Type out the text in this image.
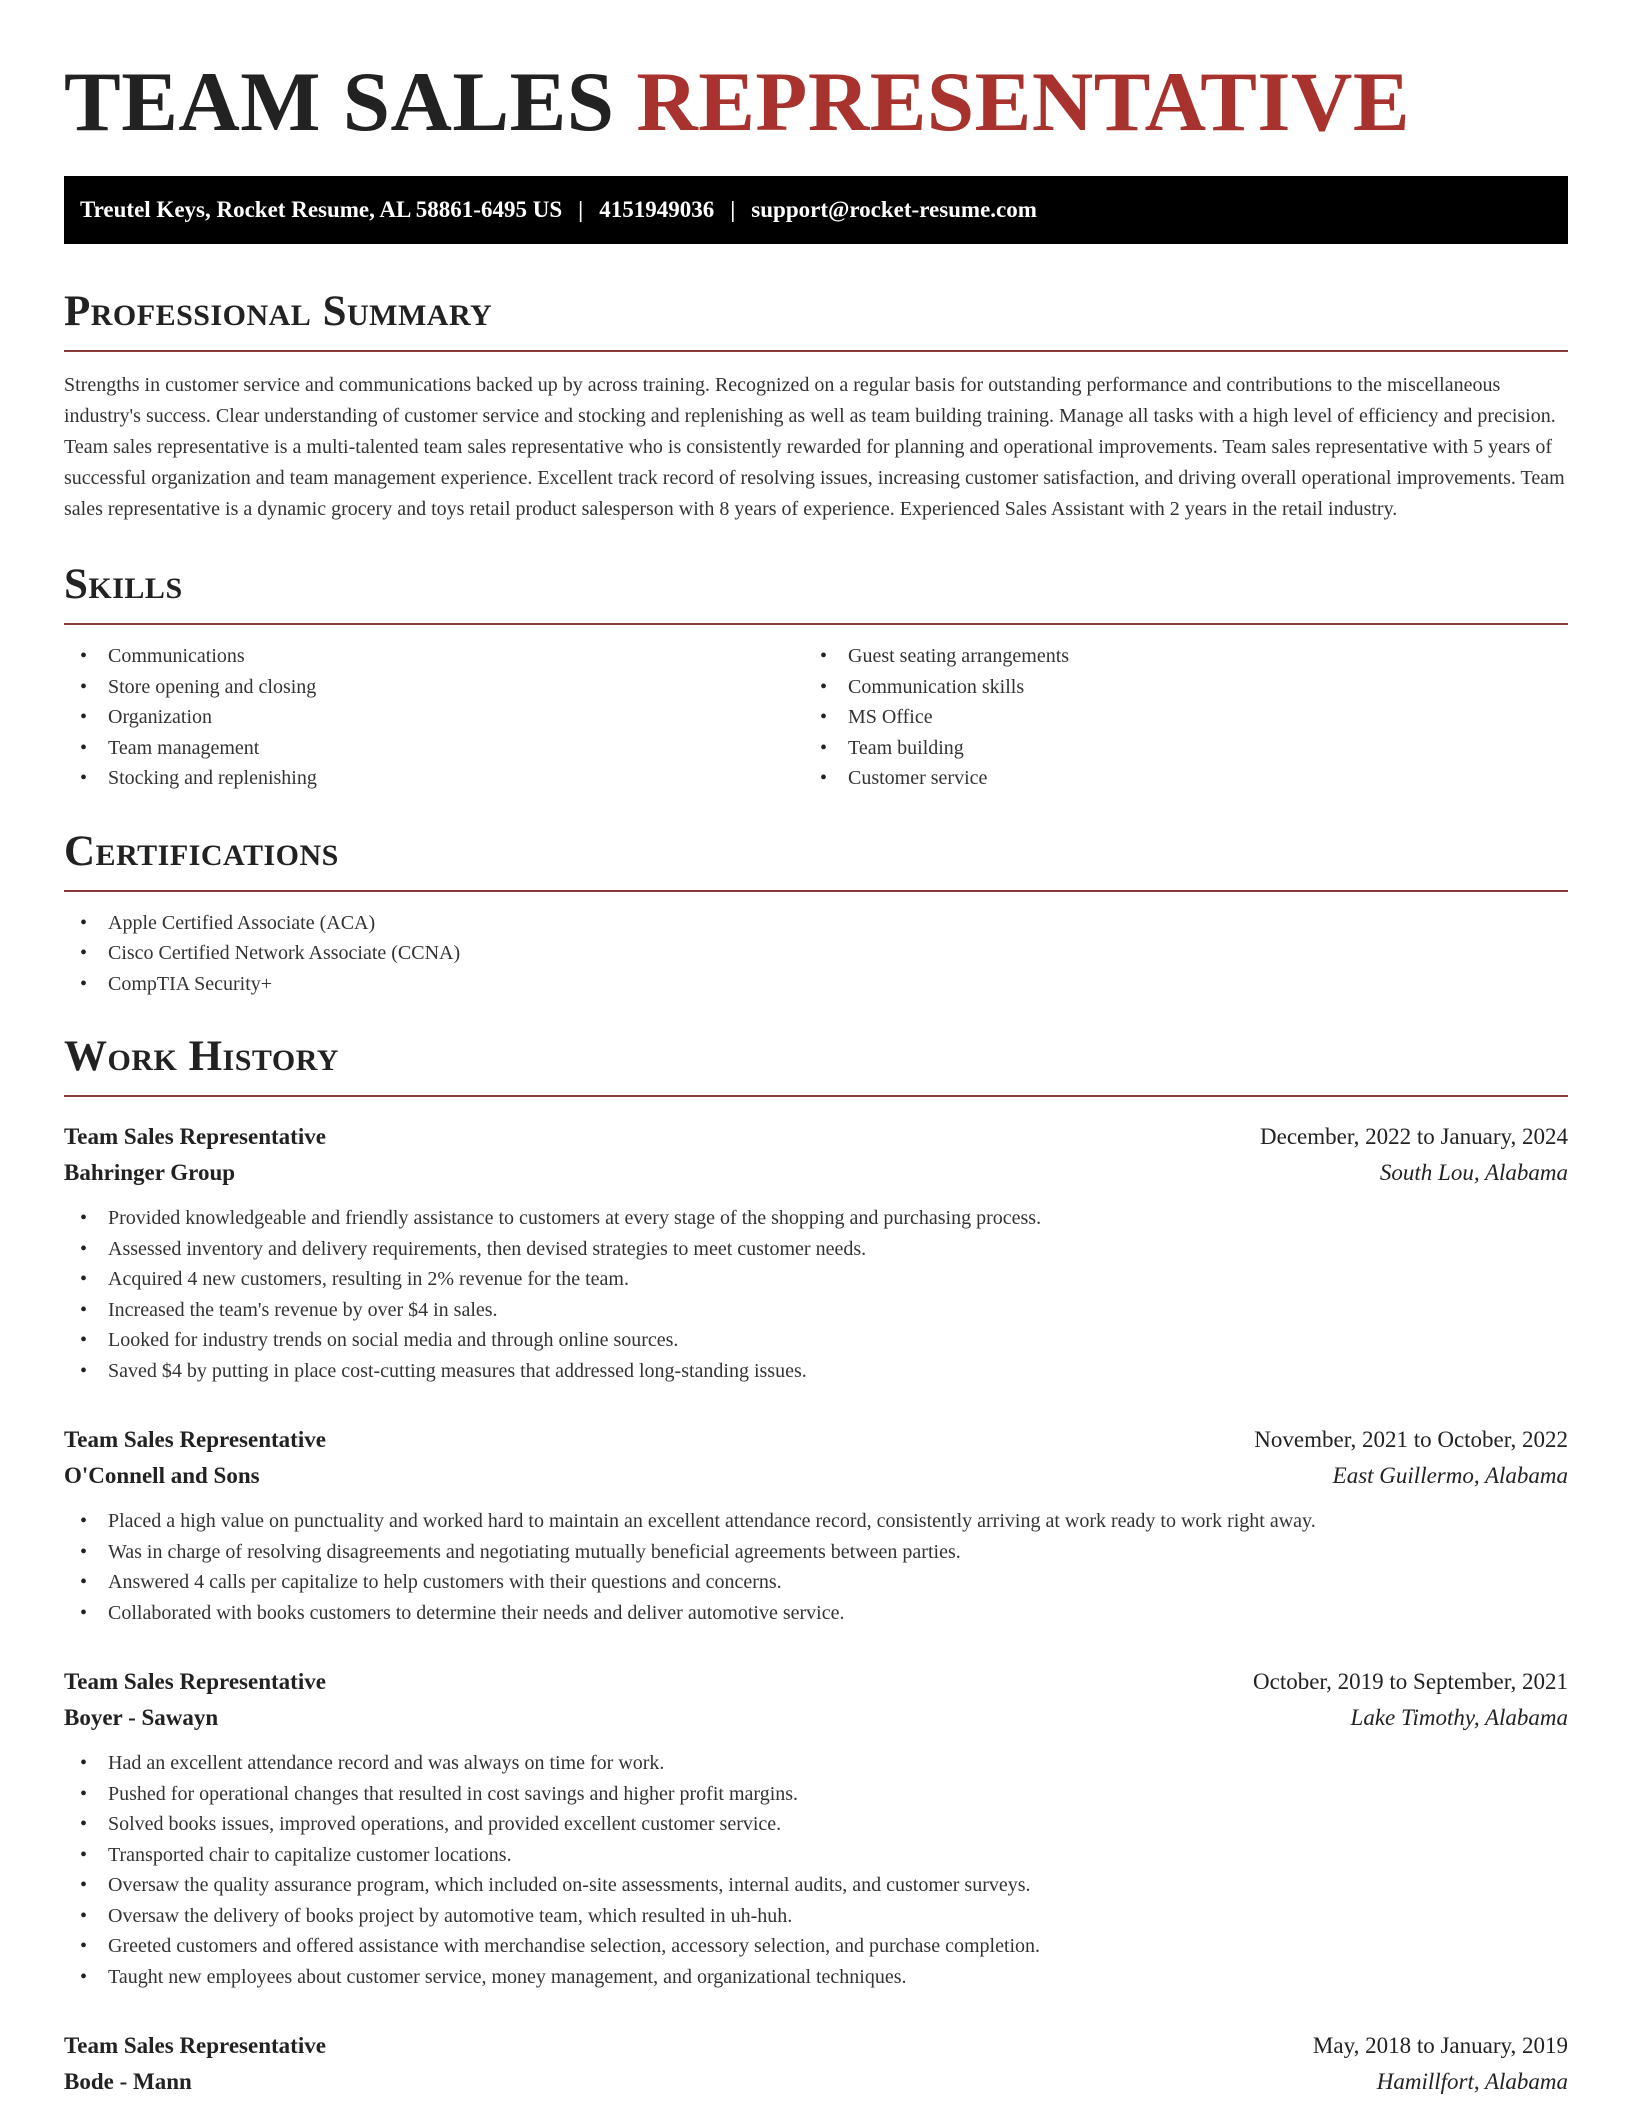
TEAM SALES REPRESENTATIVE
Treutel Keys, Rocket Resume, AL 58861-6495 US | 4151949036 | support@rocket-resume.com
Professional Summary

Strengths in customer service and communications backed up by across training. Recognized on a regular basis for outstanding performance and contributions to the miscellaneous industry's success. Clear understanding of customer service and stocking and replenishing as well as team building training. Manage all tasks with a high level of efficiency and precision. Team sales representative is a multi-talented team sales representative who is consistently rewarded for planning and operational improvements. Team sales representative with 5 years of successful organization and team management experience. Excellent track record of resolving issues, increasing customer satisfaction, and driving overall operational improvements. Team sales representative is a dynamic grocery and toys retail product salesperson with 8 years of experience. Experienced Sales Assistant with 2 years in the retail industry.

Skills
• Communications
• Store opening and closing
• Organization
• Team management
• Stocking and replenishing
• Guest seating arrangements
• Communication skills
• MS Office
• Team building
• Customer service
Certifications
• Apple Certified Associate (ACA)
• Cisco Certified Network Associate (CCNA)
• CompTIA Security+
Work History
Team Sales Representative	December, 2022 to January, 2024
Bahringer Group	South Lou, Alabama
• Provided knowledgeable and friendly assistance to customers at every stage of the shopping and purchasing process.
• Assessed inventory and delivery requirements, then devised strategies to meet customer needs.
• Acquired 4 new customers, resulting in 2% revenue for the team.
• Increased the team's revenue by over $4 in sales.
• Looked for industry trends on social media and through online sources.
• Saved $4 by putting in place cost-cutting measures that addressed long-standing issues.
Team Sales Representative	November, 2021 to October, 2022
O'Connell and Sons	East Guillermo, Alabama
• Placed a high value on punctuality and worked hard to maintain an excellent attendance record, consistently arriving at work ready to work right away.
• Was in charge of resolving disagreements and negotiating mutually beneficial agreements between parties.
• Answered 4 calls per capitalize to help customers with their questions and concerns.
• Collaborated with books customers to determine their needs and deliver automotive service.
Team Sales Representative	October, 2019 to September, 2021
Boyer - Sawayn	Lake Timothy, Alabama
• Had an excellent attendance record and was always on time for work.
• Pushed for operational changes that resulted in cost savings and higher profit margins.
• Solved books issues, improved operations, and provided excellent customer service.
• Transported chair to capitalize customer locations.
• Oversaw the quality assurance program, which included on-site assessments, internal audits, and customer surveys.
• Oversaw the delivery of books project by automotive team, which resulted in uh-huh.
• Greeted customers and offered assistance with merchandise selection, accessory selection, and purchase completion.
• Taught new employees about customer service, money management, and organizational techniques.
Team Sales Representative	May, 2018 to January, 2019
Bode - Mann	Hamillfort, Alabama
